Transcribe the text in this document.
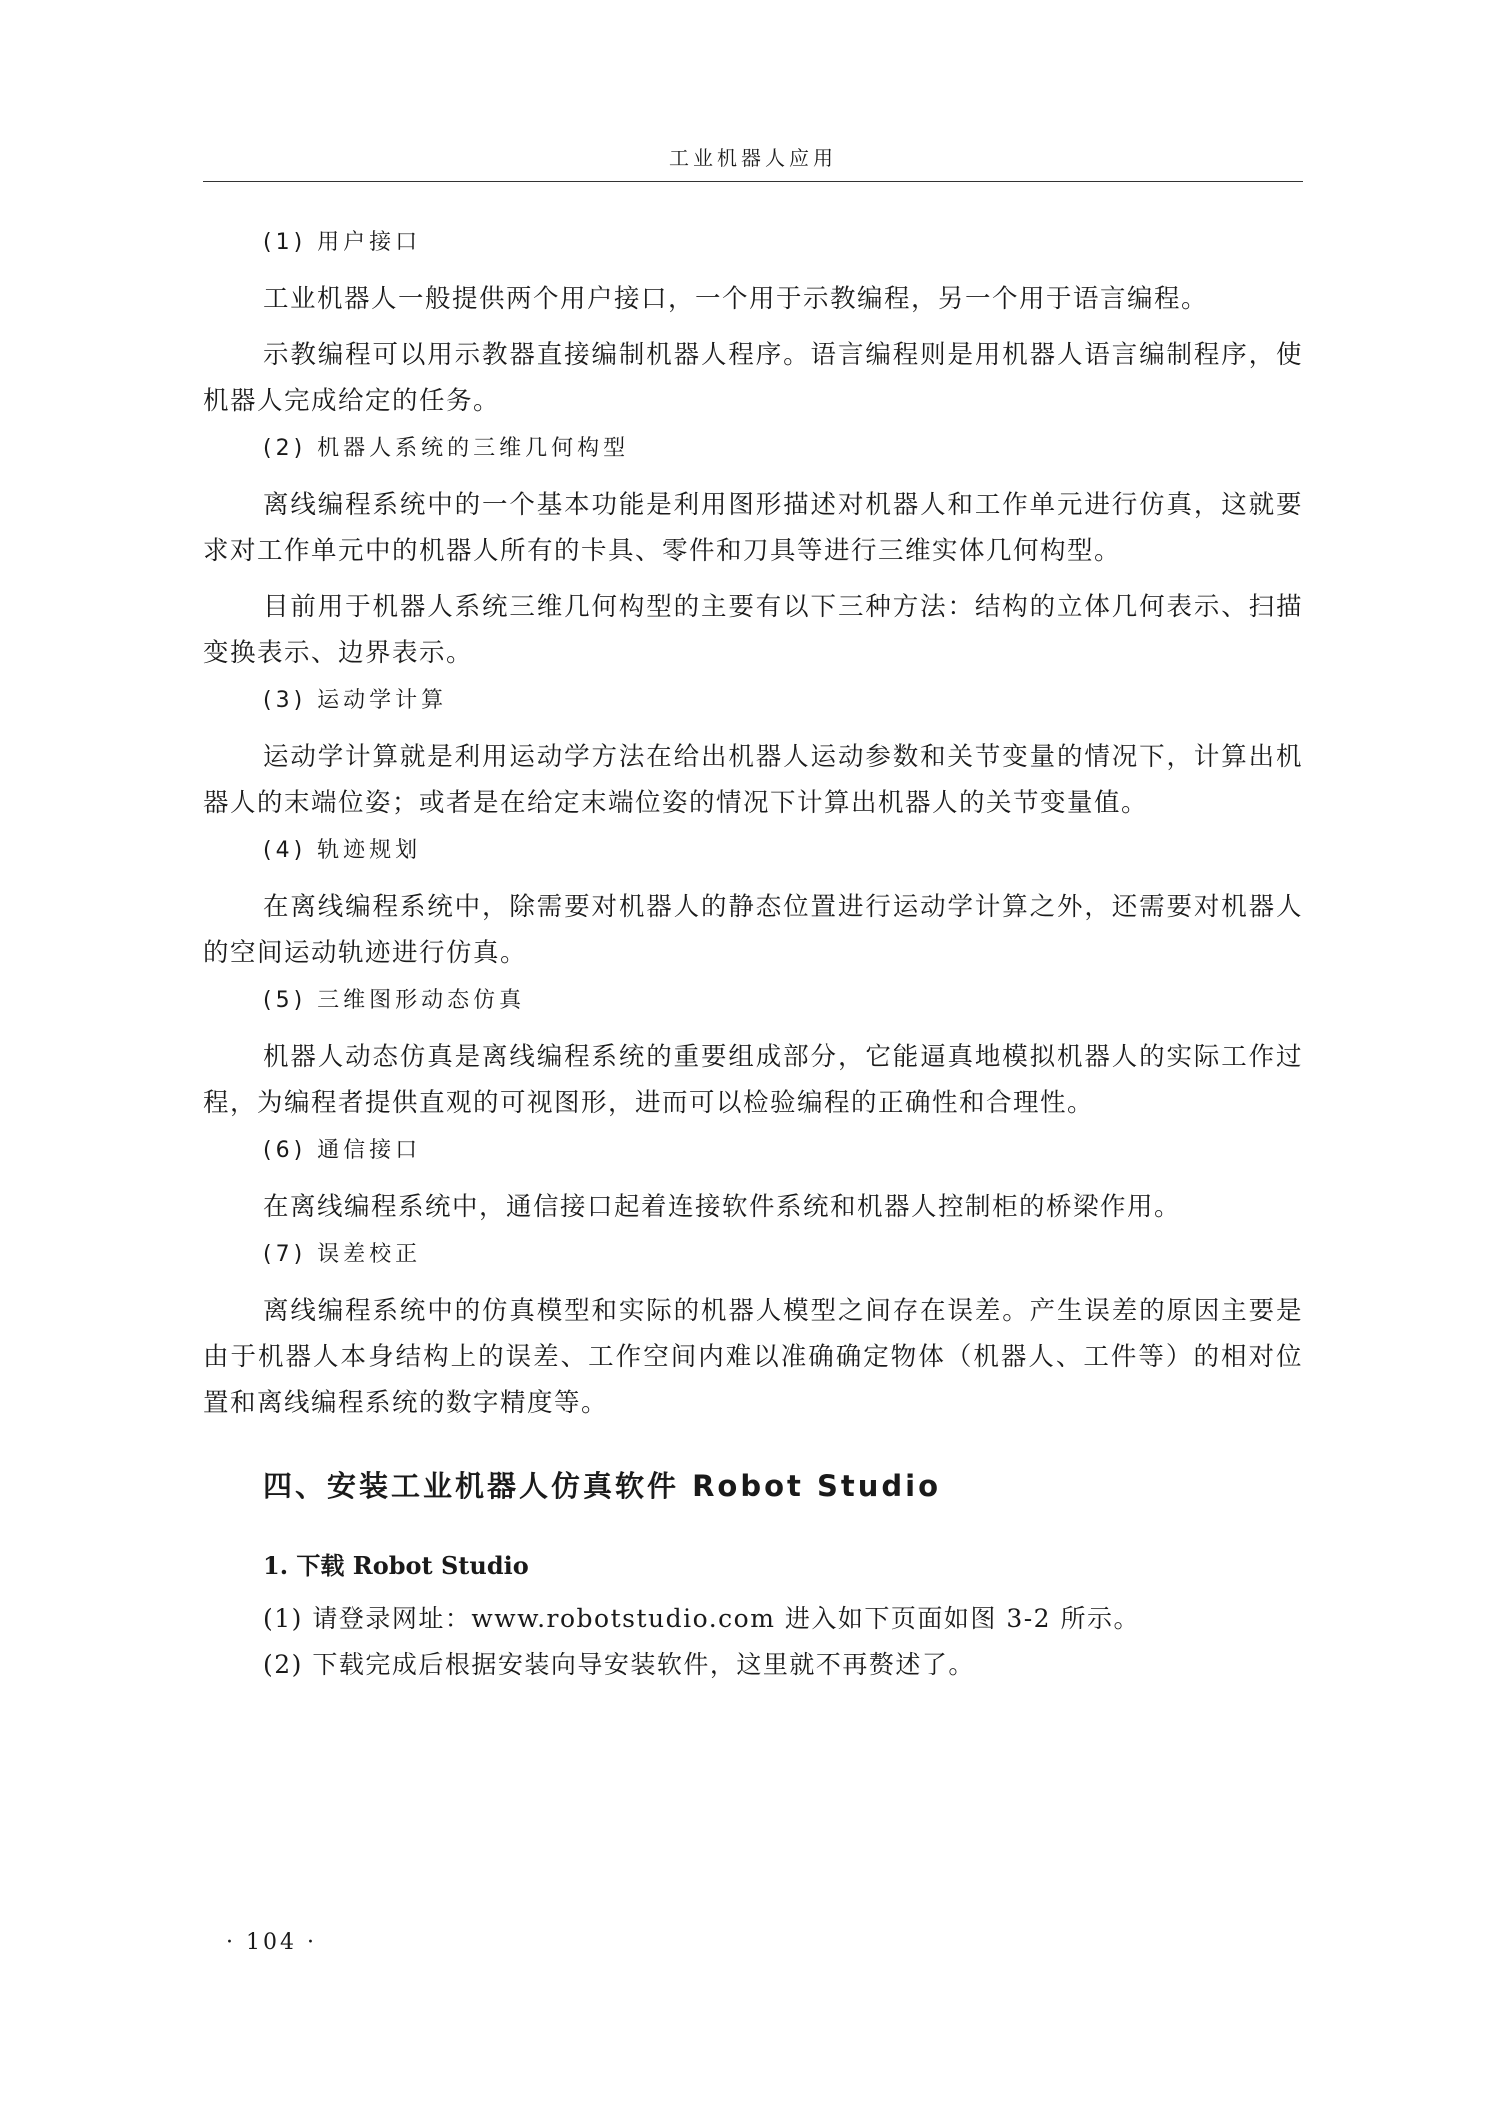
工业机器人应用
(1) 用户接口

工业机器人一般提供两个用户接口，一个用于示教编程，另一个用于语言编程。

示教编程可以用示教器直接编制机器人程序。语言编程则是用机器人语言编制程序，使机器人完成给定的任务。

(2) 机器人系统的三维几何构型

离线编程系统中的一个基本功能是利用图形描述对机器人和工作单元进行仿真，这就要求对工作单元中的机器人所有的卡具、零件和刀具等进行三维实体几何构型。

目前用于机器人系统三维几何构型的主要有以下三种方法：结构的立体几何表示、扫描变换表示、边界表示。

(3) 运动学计算

运动学计算就是利用运动学方法在给出机器人运动参数和关节变量的情况下，计算出机器人的末端位姿；或者是在给定末端位姿的情况下计算出机器人的关节变量值。

(4) 轨迹规划

在离线编程系统中，除需要对机器人的静态位置进行运动学计算之外，还需要对机器人的空间运动轨迹进行仿真。

(5) 三维图形动态仿真

机器人动态仿真是离线编程系统的重要组成部分，它能逼真地模拟机器人的实际工作过程，为编程者提供直观的可视图形，进而可以检验编程的正确性和合理性。

(6) 通信接口

在离线编程系统中，通信接口起着连接软件系统和机器人控制柜的桥梁作用。

(7) 误差校正

离线编程系统中的仿真模型和实际的机器人模型之间存在误差。产生误差的原因主要是由于机器人本身结构上的误差、工作空间内难以准确确定物体（机器人、工件等）的相对位置和离线编程系统的数字精度等。

四、安装工业机器人仿真软件 Robot Studio
1. 下载 Robot Studio
(1) 请登录网址：www.robotstudio.com 进入如下页面如图 3-2 所示。
(2) 下载完成后根据安装向导安装软件，这里就不再赘述了。
· 104 ·
